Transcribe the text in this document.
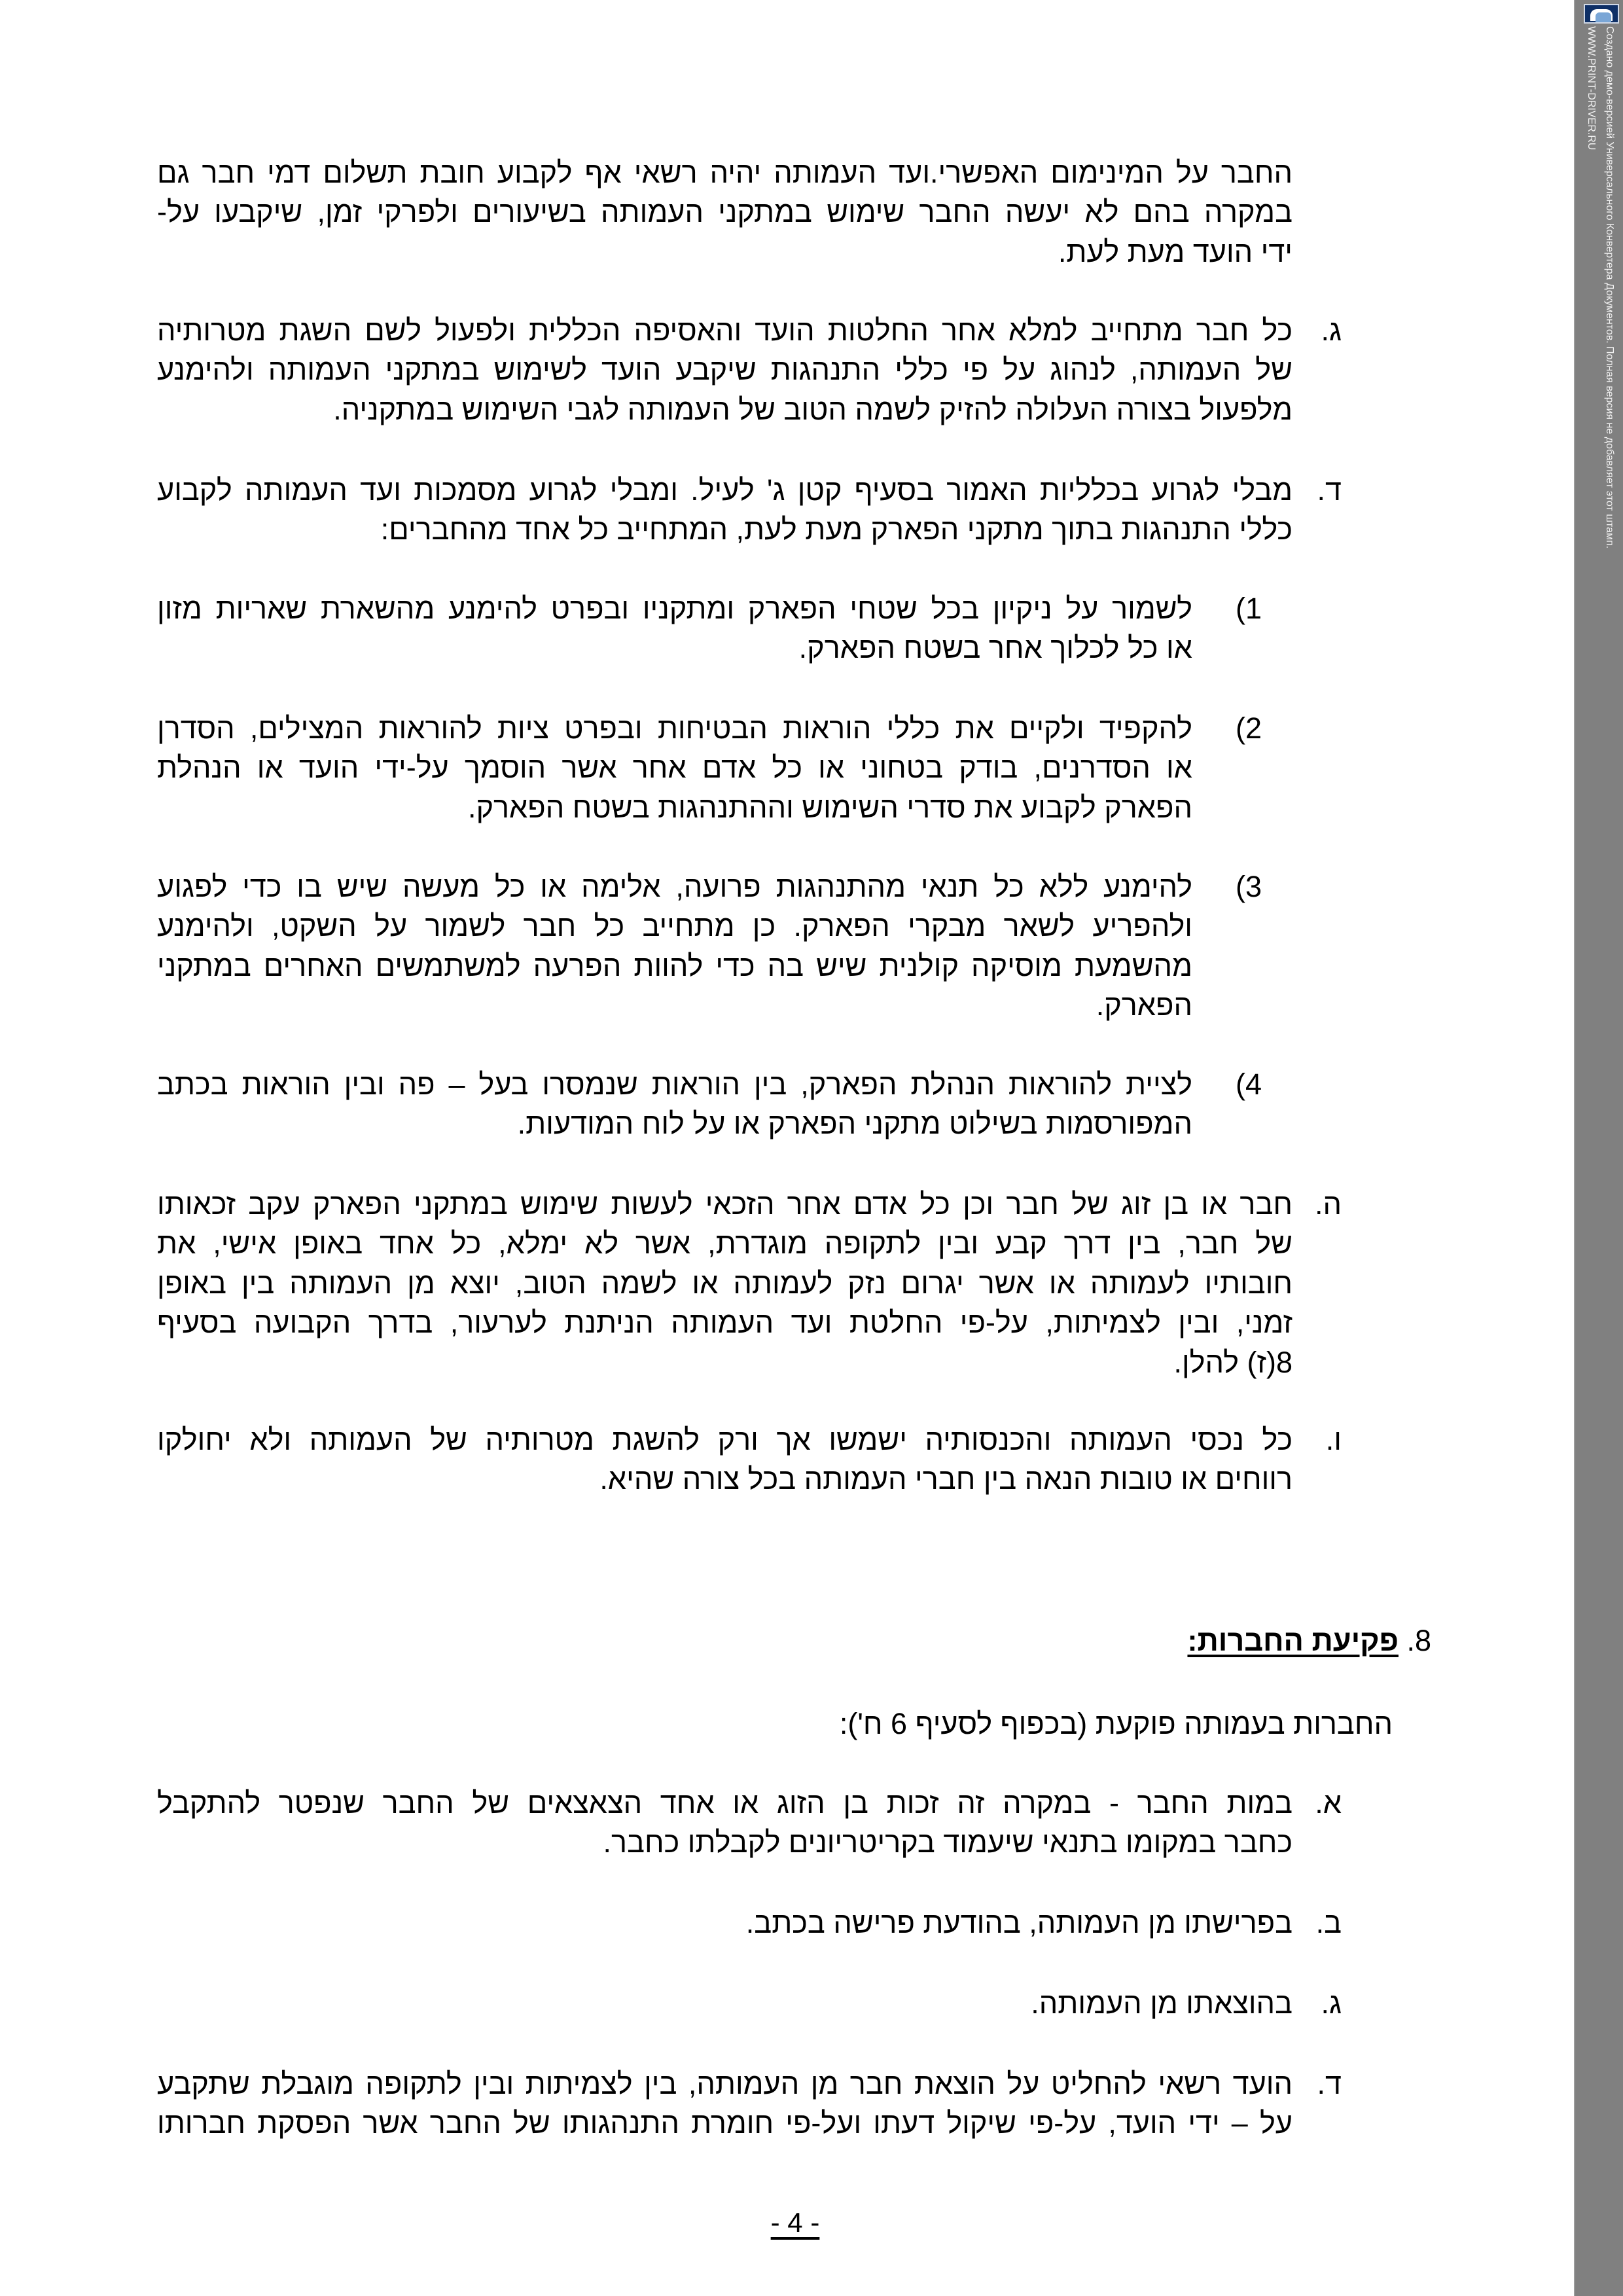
החבר על המינימום האפשרי.ועד העמותה יהיה רשאי אף לקבוע חובת תשלום דמי חבר גם
במקרה בהם לא יעשה החבר שימוש במתקני העמותה בשיעורים ולפרקי זמן, שיקבעו על-
ידי הועד מעת לעת.
כל חבר מתחייב למלא אחר החלטות הועד והאסיפה הכללית ולפעול לשם השגת מטרותיה
של העמותה, לנהוג על פי כללי התנהגות שיקבע הועד לשימוש במתקני העמותה ולהימנע
מלפעול בצורה העלולה להזיק לשמה הטוב של העמותה לגבי השימוש במתקניה.
ג.
מבלי לגרוע בכלליות האמור בסעיף קטן ג' לעיל. ומבלי לגרוע מסמכות ועד העמותה לקבוע
כללי התנהגות בתוך מתקני הפארק מעת לעת, המתחייב כל אחד מהחברים:
ד.
לשמור על ניקיון בכל שטחי הפארק ומתקניו ובפרט להימנע מהשארת שאריות מזון
או כל לכלוך אחר בשטח הפארק.
1)
להקפיד ולקיים את כללי הוראות הבטיחות ובפרט ציות להוראות המצילים, הסדרן
או הסדרנים, בודק בטחוני או כל אדם אחר אשר הוסמך על-ידי הועד או הנהלת
הפארק לקבוע את סדרי השימוש וההתנהגות בשטח הפארק.
2)
להימנע ללא כל תנאי מהתנהגות פרועה, אלימה או כל מעשה שיש בו כדי לפגוע
ולהפריע לשאר מבקרי הפארק. כן מתחייב כל חבר לשמור על השקט, ולהימנע
מהשמעת מוסיקה קולנית שיש בה כדי להוות הפרעה למשתמשים האחרים במתקני
הפארק.
3)
לציית להוראות הנהלת הפארק, בין הוראות שנמסרו בעל – פה ובין הוראות בכתב
המפורסמות בשילוט מתקני הפארק או על לוח המודעות.
4)
חבר או בן זוג של חבר וכן כל אדם אחר הזכאי לעשות שימוש במתקני הפארק עקב זכאותו
של חבר, בין דרך קבע ובין לתקופה מוגדרת, אשר לא ימלא, כל אחד באופן אישי, את
חובותיו לעמותה או אשר יגרום נזק לעמותה או לשמה הטוב, יוצא מן העמותה בין באופן
זמני, ובין לצמיתות, על-פי החלטת ועד העמותה הניתנת לערעור, בדרך הקבועה בסעיף
8(ז) להלן.
ה.
כל נכסי העמותה והכנסותיה ישמשו אך ורק להשגת מטרותיה של העמותה ולא יחולקו
רווחים או טובות הנאה בין חברי העמותה בכל צורה שהיא.
ו.
במות החבר - במקרה זה זכות בן הזוג או אחד הצאצאים של החבר שנפטר להתקבל
כחבר במקומו בתנאי שיעמוד בקריטריונים לקבלתו כחבר.
א.
בפרישתו מן העמותה, בהודעת פרישה בכתב. ב.
בהוצאתו מן העמותה. ג.
הועד רשאי להחליט על הוצאת חבר מן העמותה, בין לצמיתות ובין לתקופה מוגבלת שתקבע
על – ידי הועד, על-פי שיקול דעתו ועל-פי חומרת התנהגותו של החבר אשר הפסקת חברותו
ד.
8. פקיעת החברות:
החברות בעמותה פוקעת (בכפוף לסעיף 6 ח'):
- 4 -
Создано демо-версией Универсального Конвертера Документов. Полная версия не добавляет этот штамп.
WWW.PRINT-DRIVER.RU
